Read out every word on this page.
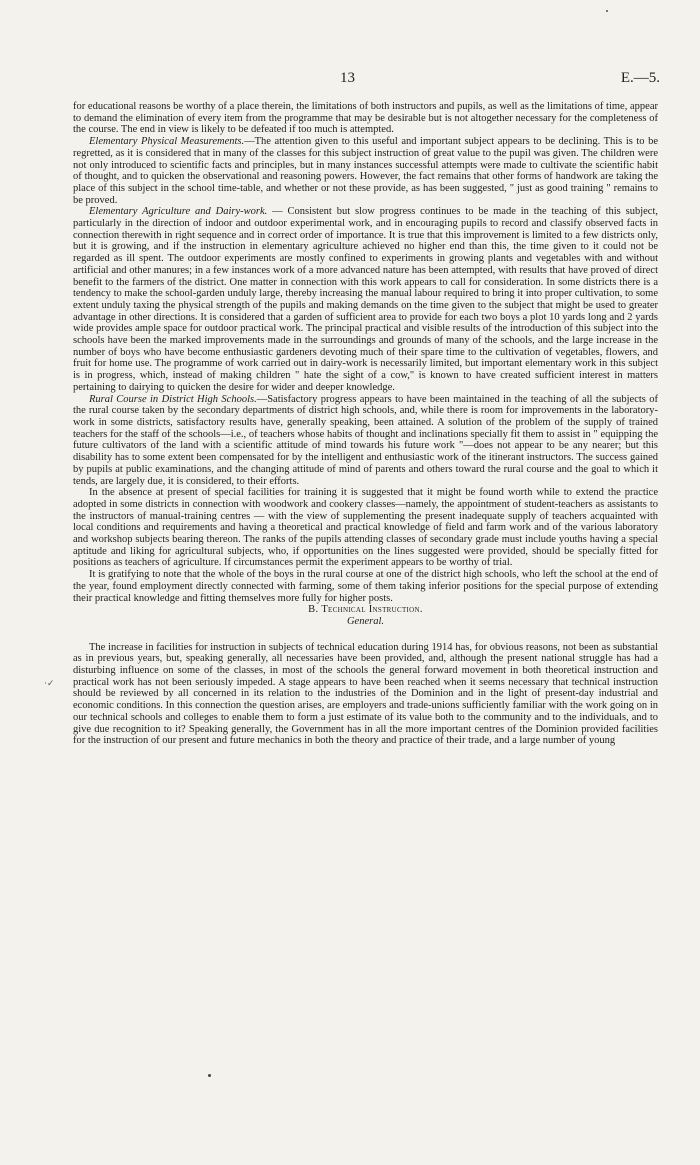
13	E.—5.
·✓

for educational reasons be worthy of a place therein, the limitations of both instructors and pupils, as well as the limitations of time, appear to demand the elimination of every item from the programme that may be desirable but is not altogether necessary for the completeness of the course. The end in view is likely to be defeated if too much is attempted.

Elementary Physical Measurements.—The attention given to this useful and important subject appears to be declining. This is to be regretted, as it is considered that in many of the classes for this subject instruction of great value to the pupil was given. The children were not only introduced to scientific facts and principles, but in many instances successful attempts were made to cultivate the scientific habit of thought, and to quicken the observational and reasoning powers. However, the fact remains that other forms of handwork are taking the place of this subject in the school time-table, and whether or not these provide, as has been suggested, " just as good training " remains to be proved.

Elementary Agriculture and Dairy-work. — Consistent but slow progress continues to be made in the teaching of this subject, particularly in the direction of indoor and outdoor experimental work, and in encouraging pupils to record and classify observed facts in connection therewith in right sequence and in correct order of importance. It is true that this improvement is limited to a few districts only, but it is growing, and if the instruction in elementary agriculture achieved no higher end than this, the time given to it could not be regarded as ill spent. The outdoor experiments are mostly confined to experiments in growing plants and vegetables with and without artificial and other manures; in a few instances work of a more advanced nature has been attempted, with results that have proved of direct benefit to the farmers of the district. One matter in connection with this work appears to call for consideration. In some districts there is a tendency to make the school-garden unduly large, thereby increasing the manual labour required to bring it into proper cultivation, to some extent unduly taxing the physical strength of the pupils and making demands on the time given to the subject that might be used to greater advantage in other directions. It is considered that a garden of sufficient area to provide for each two boys a plot 10 yards long and 2 yards wide provides ample space for outdoor practical work. The principal practical and visible results of the introduction of this subject into the schools have been the marked improvements made in the surroundings and grounds of many of the schools, and the large increase in the number of boys who have become enthusiastic gardeners devoting much of their spare time to the cultivation of vegetables, flowers, and fruit for home use. The programme of work carried out in dairy-work is necessarily limited, but important elementary work in this subject is in progress, which, instead of making children " hate the sight of a cow," is known to have created sufficient interest in matters pertaining to dairying to quicken the desire for wider and deeper knowledge.

Rural Course in District High Schools.—Satisfactory progress appears to have been maintained in the teaching of all the subjects of the rural course taken by the secondary departments of district high schools, and, while there is room for improvements in the laboratory-work in some districts, satisfactory results have, generally speaking, been attained. A solution of the problem of the supply of trained teachers for the staff of the schools—i.e., of teachers whose habits of thought and inclinations specially fit them to assist in " equipping the future cultivators of the land with a scientific attitude of mind towards his future work "—does not appear to be any nearer; but this disability has to some extent been compensated for by the intelligent and enthusiastic work of the itinerant instructors. The success gained by pupils at public examinations, and the changing attitude of mind of parents and others toward the rural course and the goal to which it tends, are largely due, it is considered, to their efforts.

In the absence at present of special facilities for training it is suggested that it might be found worth while to extend the practice adopted in some districts in connection with woodwork and cookery classes—namely, the appointment of student-teachers as assistants to the instructors of manual-training centres — with the view of supplementing the present inadequate supply of teachers acquainted with local conditions and requirements and having a theoretical and practical knowledge of field and farm work and of the various laboratory and workshop subjects bearing thereon. The ranks of the pupils attending classes of secondary grade must include youths having a special aptitude and liking for agricultural subjects, who, if opportunities on the lines suggested were provided, should be specially fitted for positions as teachers of agriculture. If circumstances permit the experiment appears to be worthy of trial.

It is gratifying to note that the whole of the boys in the rural course at one of the district high schools, who left the school at the end of the year, found employment directly connected with farming, some of them taking inferior positions for the special purpose of extending their practical knowledge and fitting themselves more fully for higher posts.

B. Technical Instruction.

General.

The increase in facilities for instruction in subjects of technical education during 1914 has, for obvious reasons, not been as substantial as in previous years, but, speaking generally, all necessaries have been provided, and, although the present national struggle has had a disturbing influence on some of the classes, in most of the schools the general forward movement in both theoretical instruction and practical work has not been seriously impeded. A stage appears to have been reached when it seems necessary that technical instruction should be reviewed by all concerned in its relation to the industries of the Dominion and in the light of present-day industrial and economic conditions. In this connection the question arises, are employers and trade-unions sufficiently familiar with the work going on in our technical schools and colleges to enable them to form a just estimate of its value both to the community and to the individuals, and to give due recognition to it? Speaking generally, the Government has in all the more important centres of the Dominion provided facilities for the instruction of our present and future mechanics in both the theory and practice of their trade, and a large number of young
